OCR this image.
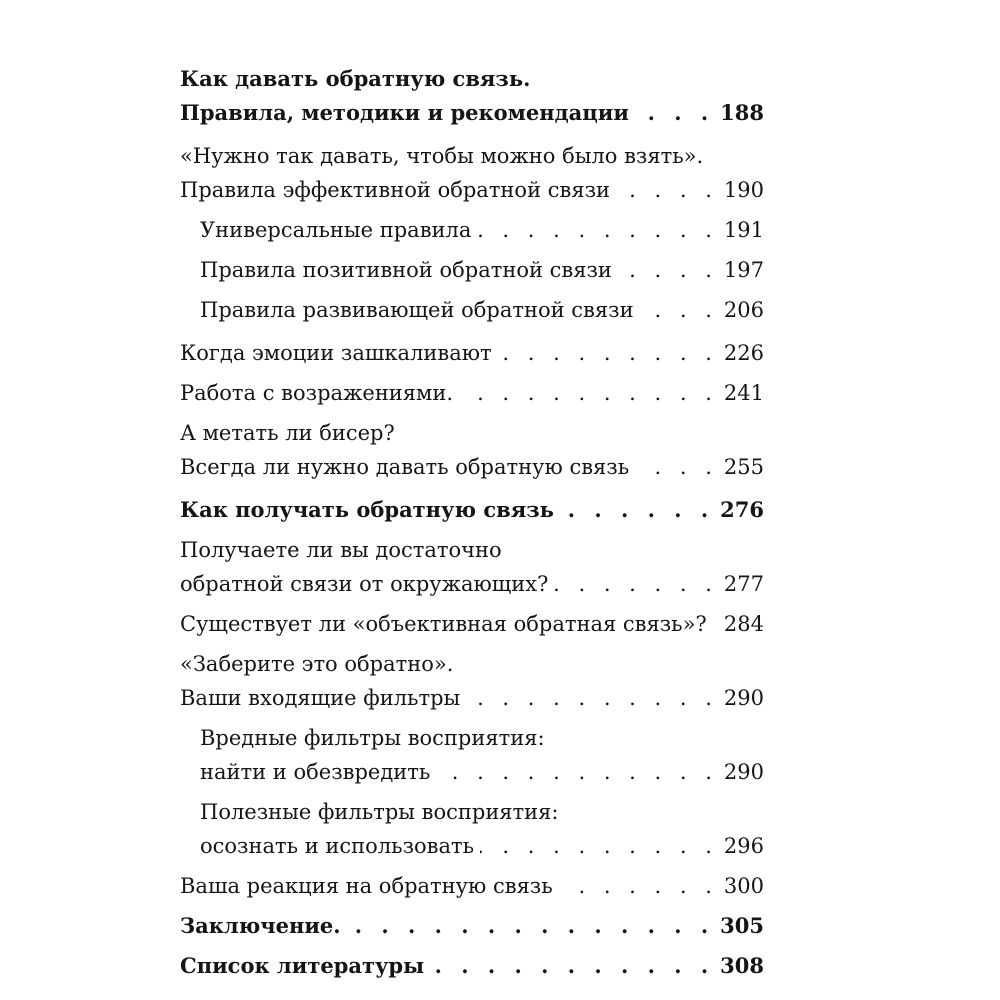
Как давать обратную связь.
Правила, методики и рекомендации . . .	188
«Нужно так давать, чтобы можно было взять».
Правила эффективной обратной связи . . .	190
Универсальные правила . . .	191
Правила позитивной обратной связи . . .	197
Правила развивающей обратной связи . . .	206
Когда эмоции зашкаливают . . .	226
Работа с возражениями. . . .	241
А метать ли бисер?
Всегда ли нужно давать обратную связь . . .	255
Как получать обратную связь . . .	276
Получаете ли вы достаточно
обратной связи от окружающих? . . .	277
Существует ли «объективная обратная связь»? . . . 284
«Заберите это обратно».
Ваши входящие фильтры . . .	290
Вредные фильтры восприятия:
найти и обезвредить . . .	290
Полезные фильтры восприятия:
осознать и использовать . . .	296
Ваша реакция на обратную связь . . .	300
Заключение. . . .	305
Список литературы . . .	308
